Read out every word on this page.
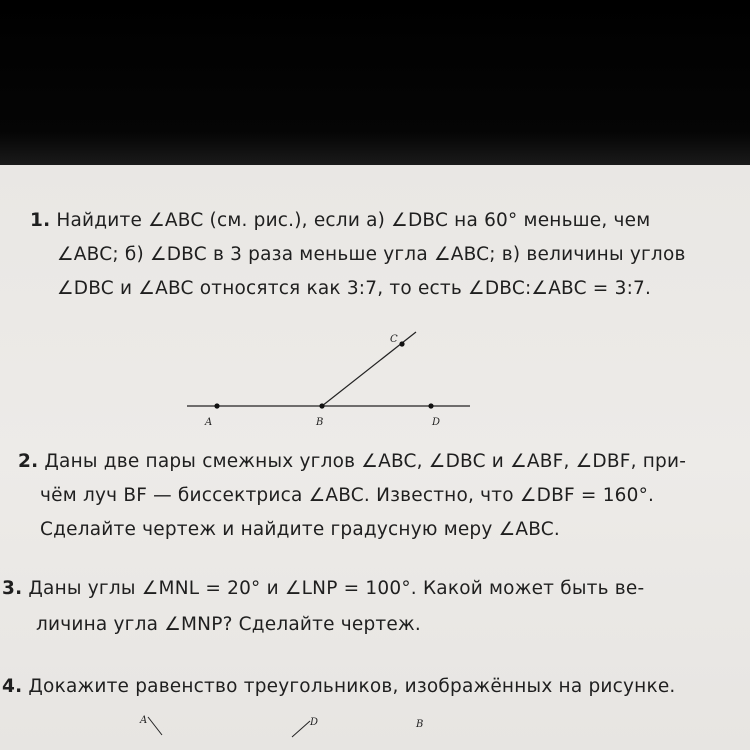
1. Найдите ∠ABC (см. рис.), если а) ∠DBC на 60° меньше, чем
∠ABC; б) ∠DBC в 3 раза меньше угла ∠ABC; в) величины углов
∠DBC и ∠ABC относятся как 3:7, то есть ∠DBC:∠ABC = 3:7.
A	B	D
C
2. Даны две пары смежных углов ∠ABC, ∠DBC и ∠ABF, ∠DBF, при-
чём луч BF — биссектриса ∠ABC. Известно, что ∠DBF = 160°.
Сделайте чертеж и найдите градусную меру ∠ABC.
3. Даны углы ∠MNL = 20° и ∠LNP = 100°. Какой может быть ве-
личина угла ∠MNP? Сделайте чертеж.
4. Докажите равенство треугольников, изображённых на рисунке.
A	D	B
